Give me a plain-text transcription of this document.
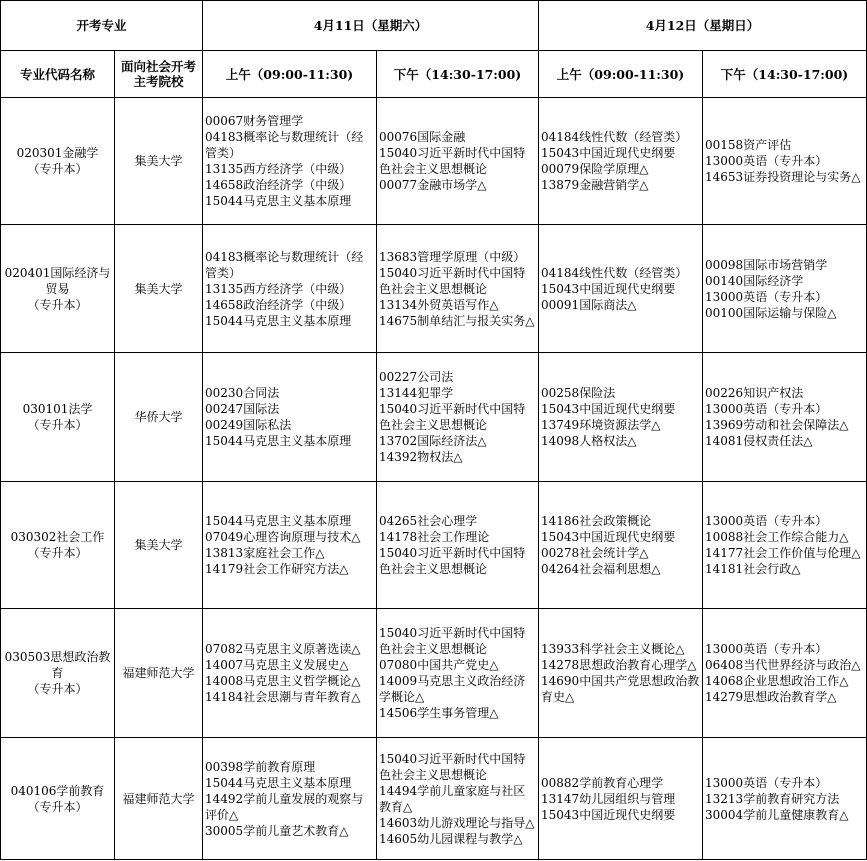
开考专业		4月11日（星期六）		4月12日（星期日）	
专业代码名称	面向社会开考主考院校	上午（09:00-11:30)	下午（14:30-17:00)	上午（09:00-11:30)	下午（14:30-17:00)

020301金融学
（专升本）	集美大学	00067财务管理学
04183概率论与数理统计（经管类）
13135西方经济学（中级）
14658政治经济学（中级）
15044马克思主义基本原理	00076国际金融
15040习近平新时代中国特色社会主义思想概论
00077金融市场学△	04184线性代数（经管类）
15043中国近现代史纲要
00079保险学原理△
13879金融营销学△	00158资产评估
13000英语（专升本）
14653证券投资理论与实务△

020401国际经济与贸易
（专升本）	集美大学	04183概率论与数理统计（经管类）
13135西方经济学（中级）
14658政治经济学（中级）
15044马克思主义基本原理	13683管理学原理（中级）
15040习近平新时代中国特色社会主义思想概论
13134外贸英语写作△
14675制单结汇与报关实务△	04184线性代数（经管类）
15043中国近现代史纲要
00091国际商法△	00098国际市场营销学
00140国际经济学
13000英语（专升本）
00100国际运输与保险△

030101法学
（专升本）	华侨大学	00230合同法
00247国际法
00249国际私法
15044马克思主义基本原理	00227公司法
13144犯罪学
15040习近平新时代中国特色社会主义思想概论
13702国际经济法△
14392物权法△	00258保险法
15043中国近现代史纲要
13749环境资源法学△
14098人格权法△	00226知识产权法
13000英语（专升本）
13969劳动和社会保障法△
14081侵权责任法△

030302社会工作
（专升本）	集美大学	15044马克思主义基本原理
07049心理咨询原理与技术△
13813家庭社会工作△
14179社会工作研究方法△	04265社会心理学
14178社会工作理论
15040习近平新时代中国特色社会主义思想概论	14186社会政策概论
15043中国近现代史纲要
00278社会统计学△
04264社会福利思想△	13000英语（专升本）
10088社会工作综合能力△
14177社会工作价值与伦理△
14181社会行政△

030503思想政治教育
（专升本）	福建师范大学	07082马克思主义原著选读△
14007马克思主义发展史△
14008马克思主义哲学概论△
14184社会思潮与青年教育△	15040习近平新时代中国特色社会主义思想概论
07080中国共产党史△
14009马克思主义政治经济学概论△
14506学生事务管理△	13933科学社会主义概论△
14278思想政治教育心理学△
14690中国共产党思想政治教育史△	13000英语（专升本）
06408当代世界经济与政治△
14068企业思想政治工作△
14279思想政治教育学△

040106学前教育
（专升本）	福建师范大学	00398学前教育原理
15044马克思主义基本原理
14492学前儿童发展的观察与评价△
30005学前儿童艺术教育△	15040习近平新时代中国特色社会主义思想概论
14494学前儿童家庭与社区教育△
14603幼儿游戏理论与指导△
14605幼儿园课程与教学△	00882学前教育心理学
13147幼儿园组织与管理
15043中国近现代史纲要	13000英语（专升本）
13213学前教育研究方法
30004学前儿童健康教育△
